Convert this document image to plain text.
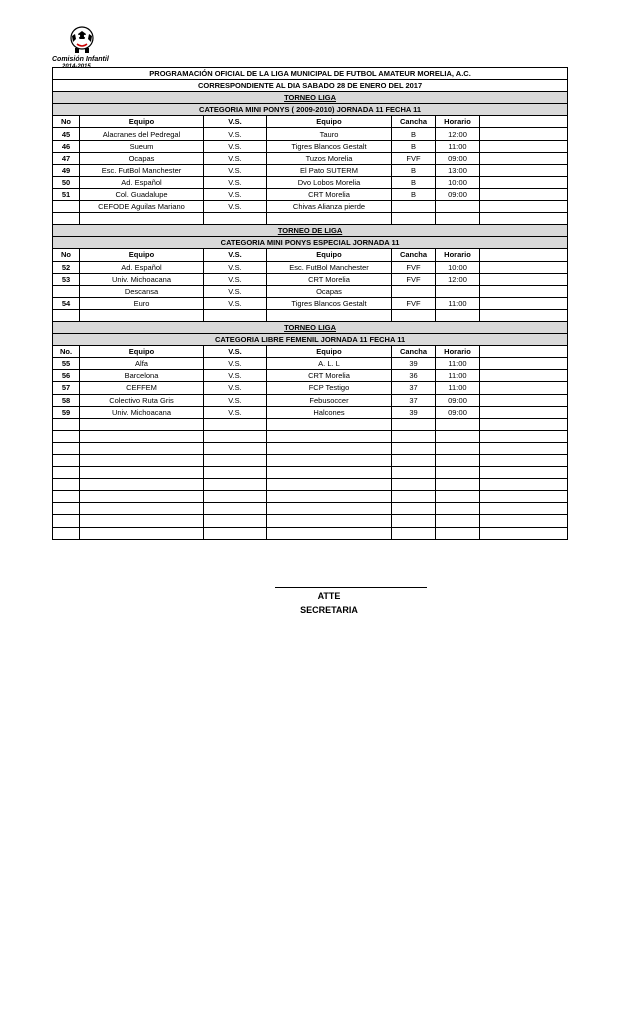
Comisión Infantil
2014-2015
PROGRAMACIÓN OFICIAL DE LA LIGA MUNICIPAL DE FUTBOL AMATEUR MORELIA, A.C.						
CORRESPONDIENTE AL DIA SABADO 28 DE ENERO DEL 2017						
TORNEO LIGA						
CATEGORIA MINI PONYS ( 2009-2010) JORNADA 11 FECHA 11						
No	Equipo	V.S.	Equipo	Cancha	Horario	
45	Alacranes del Pedregal	V.S.	Tauro	B	12:00	
46	Sueum	V.S.	Tigres Blancos Gestalt	B	11:00	
47	Ocapas	V.S.	Tuzos Morelia	FVF	09:00	
49	Esc. FutBol Manchester	V.S.	El Pato SUTERM	B	13:00	
50	Ad. Español	V.S.	Dvo Lobos Morelia	B	10:00	
51	Col. Guadalupe	V.S.	CRT Morelia	B	09:00	
	CEFODE Aguilas Mariano	V.S.	Chivas Alianza pierde			

TORNEO DE LIGA						
CATEGORIA MINI PONYS ESPECIAL JORNADA 11						
No	Equipo	V.S.	Equipo	Cancha	Horario	
52	Ad. Español	V.S.	Esc. FutBol Manchester	FVF	10:00	
53	Univ. Michoacana	V.S.	CRT Morelia	FVF	12:00	
	Descansa	V.S.	Ocapas			
54	Euro	V.S.	Tigres Blancos Gestalt	FVF	11:00	

TORNEO LIGA						
CATEGORIA LIBRE FEMENIL JORNADA 11 FECHA 11						
No.	Equipo	V.S.	Equipo	Cancha	Horario	
55	Alfa	V.S.	A. L. L	39	11:00	
56	Barcelona	V.S.	CRT Morelia	36	11:00	
57	CEFFEM	V.S.	FCP Testigo	37	11:00	
58	Colectivo Ruta Gris	V.S.	Febusoccer	37	09:00	
59	Univ. Michoacana	V.S.	Halcones	39	09:00	

ATTE
SECRETARIA
